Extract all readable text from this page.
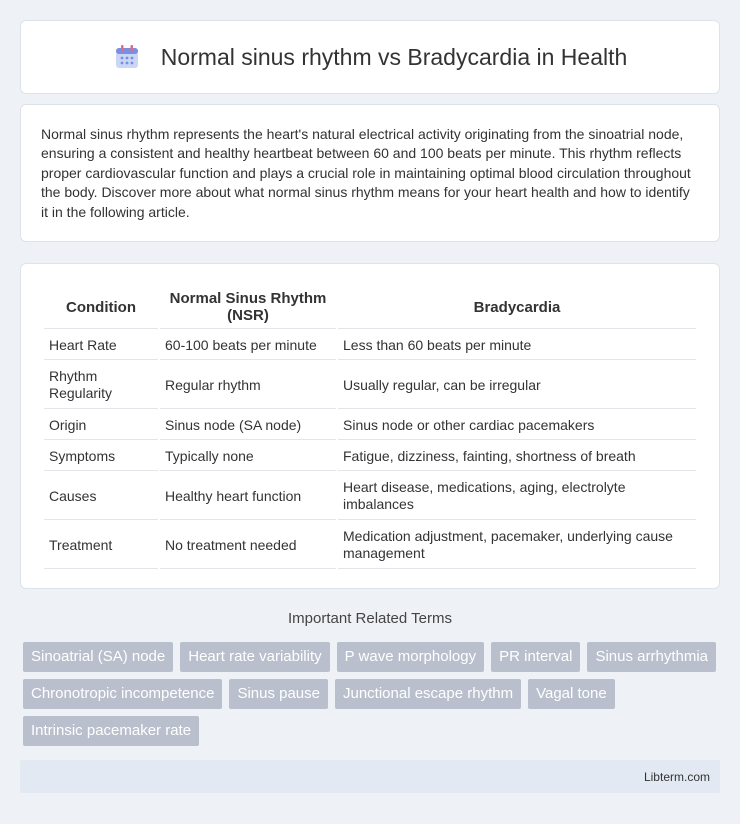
Normal sinus rhythm vs Bradycardia in Health

Normal sinus rhythm represents the heart's natural electrical activity originating from the sinoatrial node, ensuring a consistent and healthy heartbeat between 60 and 100 beats per minute. This rhythm reflects proper cardiovascular function and plays a crucial role in maintaining optimal blood circulation throughout the body. Discover more about what normal sinus rhythm means for your heart health and how to identify it in the following article.

Condition	Normal Sinus Rhythm (NSR)	Bradycardia
Heart Rate	60-100 beats per minute	Less than 60 beats per minute
Rhythm Regularity	Regular rhythm	Usually regular, can be irregular
Origin	Sinus node (SA node)	Sinus node or other cardiac pacemakers
Symptoms	Typically none	Fatigue, dizziness, fainting, shortness of breath
Causes	Healthy heart function	Heart disease, medications, aging, electrolyte imbalances
Treatment	No treatment needed	Medication adjustment, pacemaker, underlying cause management
Important Related Terms
Sinoatrial (SA) node	Heart rate variability	P wave morphology	PR interval	Sinus arrhythmia
Chronotropic incompetence	Sinus pause	Junctional escape rhythm	Vagal tone
Intrinsic pacemaker rate
Libterm.com
